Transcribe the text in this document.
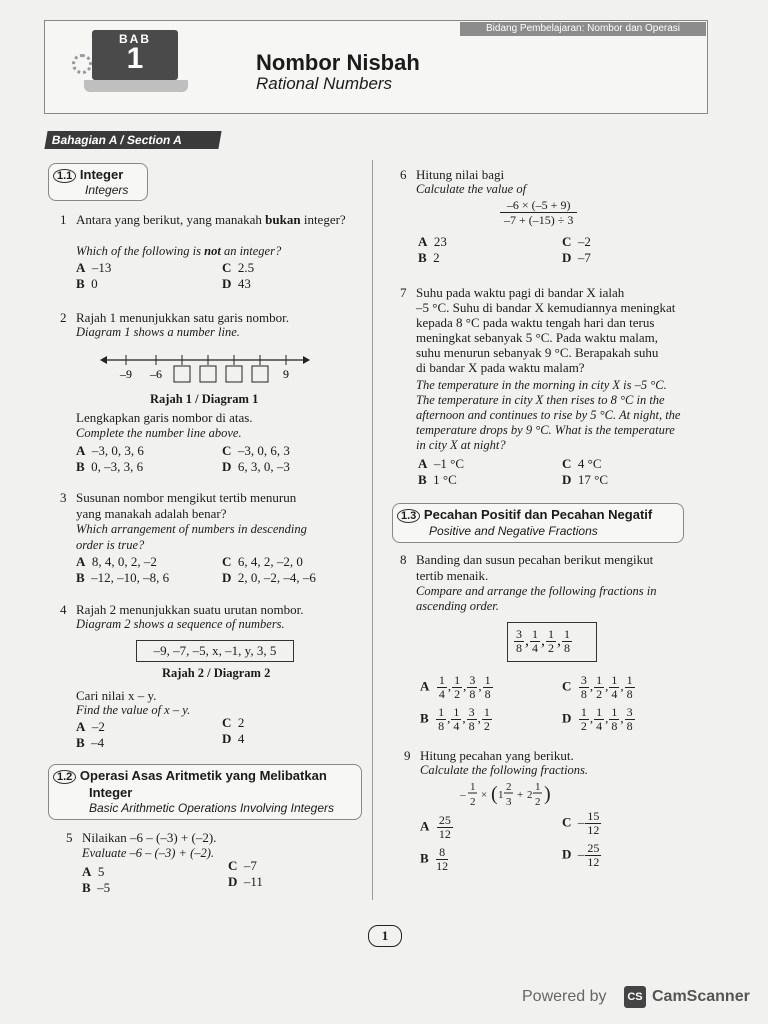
Bidang Pembelajaran: Nombor dan Operasi
BAB
1	Nombor Nisbah
Rational Numbers
Bahagian A / Section A
1.1 Integer
Integers
1 Antara yang berikut, yang manakah bukan integer?
Which of the following is not an integer?
A –13
B 0
C 2.5
D 43
2 Rajah 1 menunjukkan satu garis nombor.
Diagram 1 shows a number line.
–9 –6	9
Rajah 1 / Diagram 1
Lengkapkan garis nombor di atas.
Complete the number line above.
A –3, 0, 3, 6
B 0, –3, 3, 6
C –3, 0, 6, 3
D 6, 3, 0, –3
3 Susunan nombor mengikut tertib menurun
yang manakah adalah benar?
Which arrangement of numbers in descending
order is true?
A 8, 4, 0, 2, –2
B –12, –10, –8, 6
C 6, 4, 2, –2, 0
D 2, 0, –2, –4, –6
4 Rajah 2 menunjukkan suatu urutan nombor.
Diagram 2 shows a sequence of numbers.
–9, –7, –5, x, –1, y, 3, 5
Rajah 2 / Diagram 2
Cari nilai x – y.
Find the value of x – y.
A –2
B –4
C 2
D 4
1.2 Operasi Asas Aritmetik yang Melibatkan
Integer
Basic Arithmetic Operations Involving Integers
5 Nilaikan –6 – (–3) + (–2).
Evaluate –6 – (–3) + (–2).
A 5
B –5
C –7
D –11
6 Hitung nilai bagi
Calculate the value of
$\frac{-6 \times (-5 + 9)}{-7 + (-15) \div 3}$
A 23
B 2
C –2
D –7
7 Suhu pada waktu pagi di bandar X ialah
–5 °C. Suhu di bandar X kemudiannya meningkat
kepada 8 °C pada waktu tengah hari dan terus
meningkat sebanyak 5 °C. Pada waktu malam,
suhu menurun sebanyak 9 °C. Berapakah suhu
di bandar X pada waktu malam?
The temperature in the morning in city X is –5 °C.
The temperature in city X then rises to 8 °C in the
afternoon and continues to rise by 5 °C. At night, the
temperature drops by 9 °C. What is the temperature
in city X at night?
A –1 °C
B 1 °C
C 4 °C
D 17 °C
1.3 Pecahan Positif dan Pecahan Negatif
Positive and Negative Fractions
8 Banding dan susun pecahan berikut mengikut
tertib menaik.
Compare and arrange the following fractions in
ascending order.
$\frac{3}{8}$ , $\frac{1}{4}$ , $\frac{1}{2}$ , $\frac{1}{8}$
A $\frac{1}{4}$ , $\frac{1}{2}$ , $\frac{3}{8}$ , $\frac{1}{8}$
B $\frac{1}{8}$ , $\frac{1}{4}$ , $\frac{3}{8}$ , $\frac{1}{2}$
C $\frac{3}{8}$ , $\frac{1}{2}$ , $\frac{1}{4}$ , $\frac{1}{8}$
D $\frac{1}{2}$ , $\frac{1}{4}$ , $\frac{1}{8}$ , $\frac{3}{8}$
9 Hitung pecahan yang berikut.
Calculate the following fractions.
–
1
2
× ( 1
2
3
+ 2
1
2 )
A $\frac{25}{12}$
B $\frac{8}{12}$
C  – $\frac{15}{12}$
D  – $\frac{25}{12}$
1
Powered by	CS CamScanner
